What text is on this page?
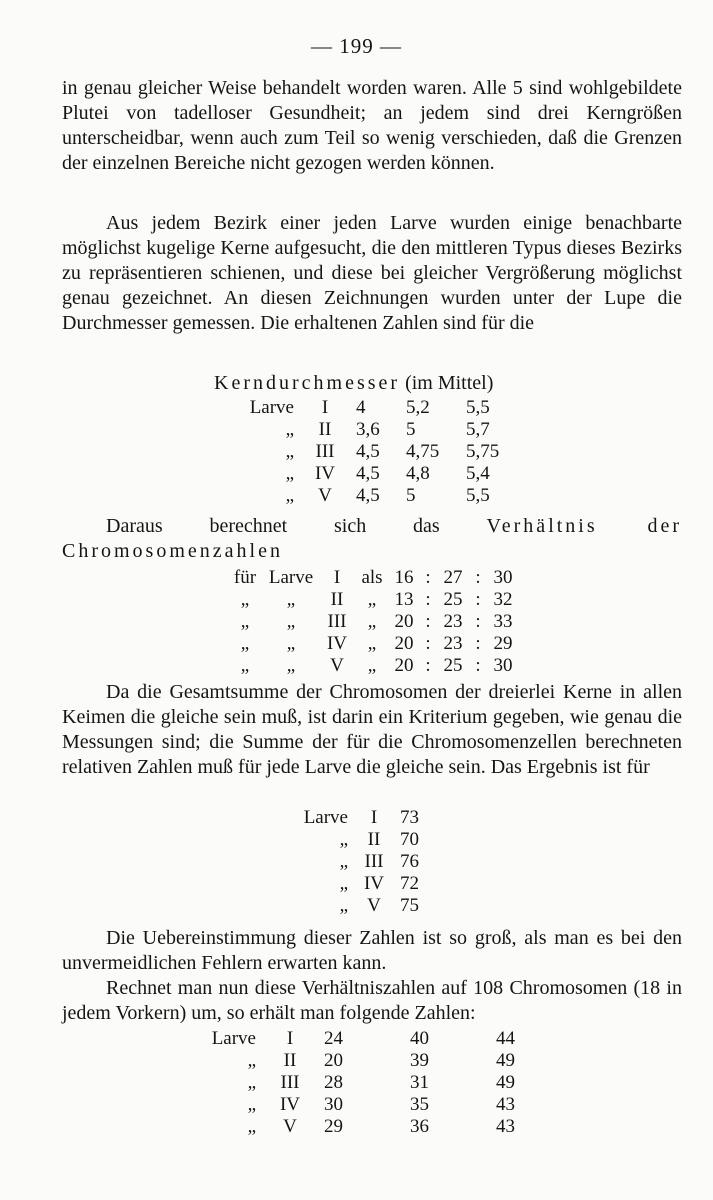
— 199 —

in genau gleicher Weise behandelt worden waren. Alle 5 sind wohlgebildete Plutei von tadelloser Gesundheit; an jedem sind drei Kerngrößen unterscheidbar, wenn auch zum Teil so wenig verschieden, daß die Grenzen der einzelnen Bereiche nicht gezogen werden können.

Aus jedem Bezirk einer jeden Larve wurden einige benachbarte möglichst kugelige Kerne aufgesucht, die den mittleren Typus dieses Bezirks zu repräsentieren schienen, und diese bei gleicher Vergrößerung möglichst genau gezeichnet. An diesen Zeichnungen wurden unter der Lupe die Durchmesser gemessen. Die erhaltenen Zahlen sind für die

Kerndurchmesser (im Mittel)
Larve	I	4	5,2	5,5
„	II	3,6	5	5,7
„	III	4,5	4,75	5,75
„	IV	4,5	4,8	5,4
„	V	4,5	5	5,5

Daraus berechnet sich das Verhältnis der Chromosomenzahlen

für	Larve	I	als	16	:	27	:	30
„	„	II	„	13	:	25	:	32
„	„	III	„	20	:	23	:	33
„	„	IV	„	20	:	23	:	29
„	„	V	„	20	:	25	:	30

Da die Gesamtsumme der Chromosomen der dreierlei Kerne in allen Keimen die gleiche sein muß, ist darin ein Kriterium gegeben, wie genau die Messungen sind; die Summe der für die Chromosomenzellen berechneten relativen Zahlen muß für jede Larve die gleiche sein. Das Ergebnis ist für

Larve	I	73
„	II	70
„	III	76
„	IV	72
„	V	75

Die Uebereinstimmung dieser Zahlen ist so groß, als man es bei den unvermeidlichen Fehlern erwarten kann.

Rechnet man nun diese Verhältniszahlen auf 108 Chromosomen (18 in jedem Vorkern) um, so erhält man folgende Zahlen:

Larve	I	24	40	44
„	II	20	39	49
„	III	28	31	49
„	IV	30	35	43
„	V	29	36	43
